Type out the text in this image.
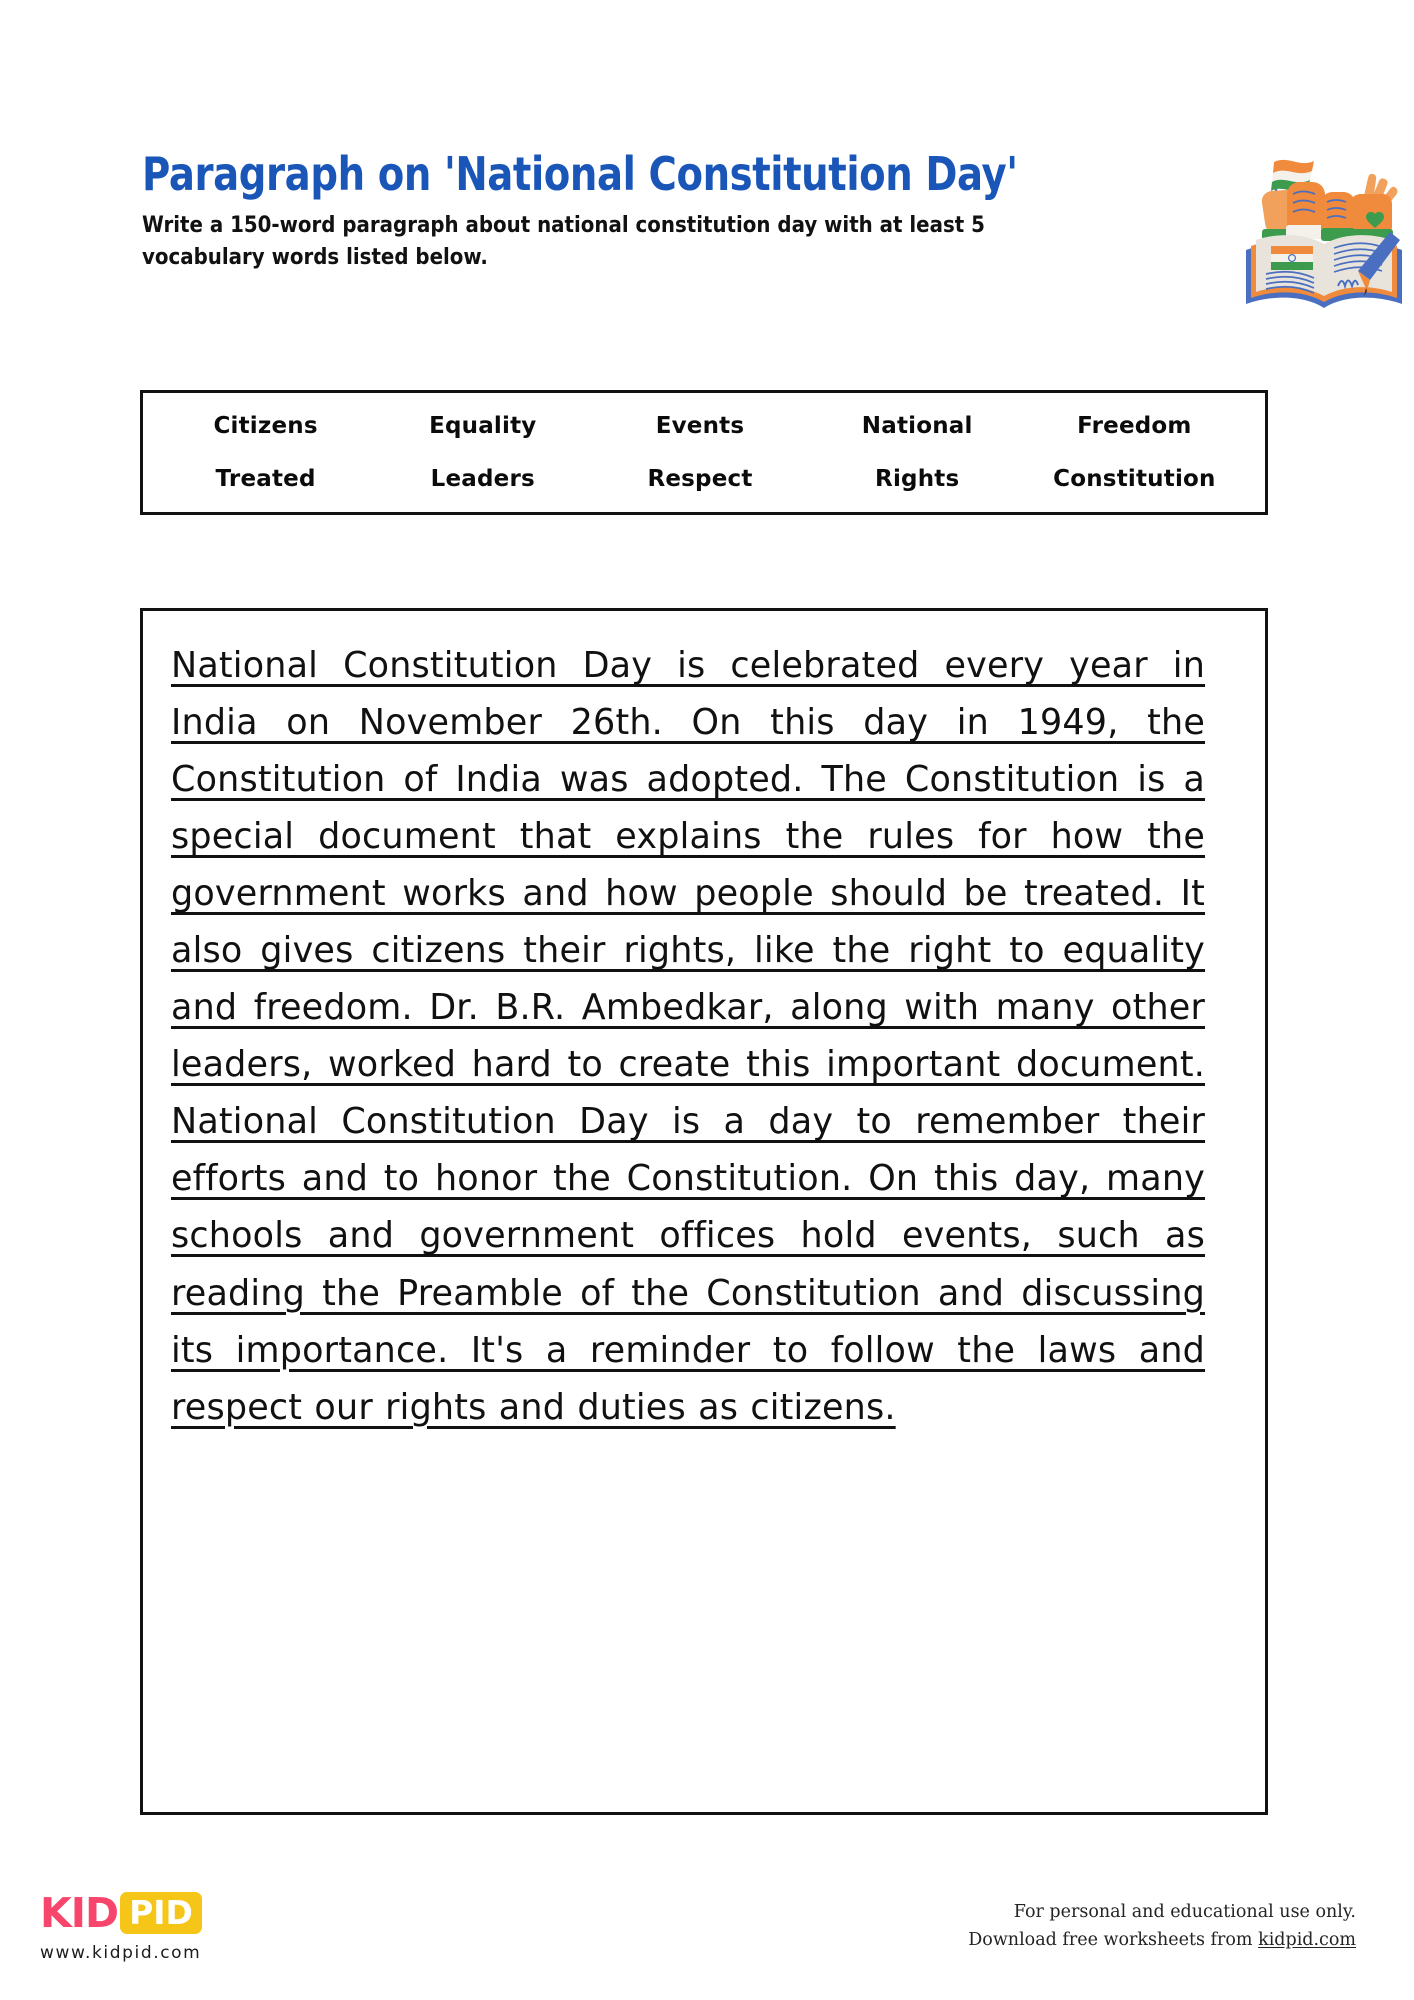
Paragraph on 'National Constitution Day'

Write a 150-word paragraph about national constitution day with at least 5 vocabulary words listed below.

Citizens	Equality	Events	National	Freedom
Treated	Leaders	Respect	Rights	Constitution

National Constitution Day is celebrated every year in India on November 26th. On this day in 1949, the Constitution of India was adopted. The Constitution is a special document that explains the rules for how the government works and how people should be treated. It also gives citizens their rights, like the right to equality and freedom. Dr. B.R. Ambedkar, along with many other leaders, worked hard to create this important document. National Constitution Day is a day to remember their efforts and to honor the Constitution. On this day, many schools and government offices hold events, such as reading the Preamble of the Constitution and discussing its importance. It's a reminder to follow the laws and respect our rights and duties as citizens.

KID PID
www.kidpid.com
For personal and educational use only.
Download free worksheets from kidpid.com
